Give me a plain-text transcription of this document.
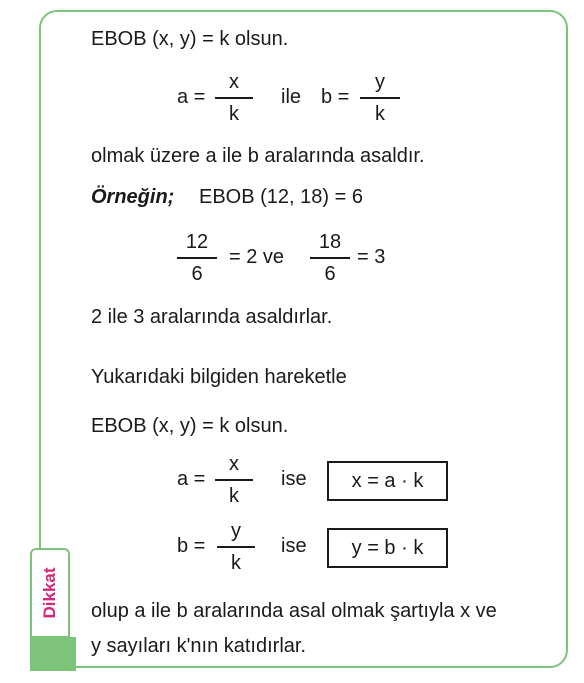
EBOB (x, y) = k olsun.
a =
x
k
ile b =
y
k
olmak üzere a ile b aralarında asaldır.
Örneğin; EBOB (12, 18) = 6
12
6
= 2 ve
18
6
= 3
2 ile 3 aralarında asaldırlar.
Yukarıdaki bilgiden hareketle
EBOB (x, y) = k olsun.
a =
x
k
ise x = a · k
b =
y
k
ise y = b · k
olup a ile b aralarında asal olmak şartıyla x ve
y sayıları k'nın katıdırlar.
Dikkat
